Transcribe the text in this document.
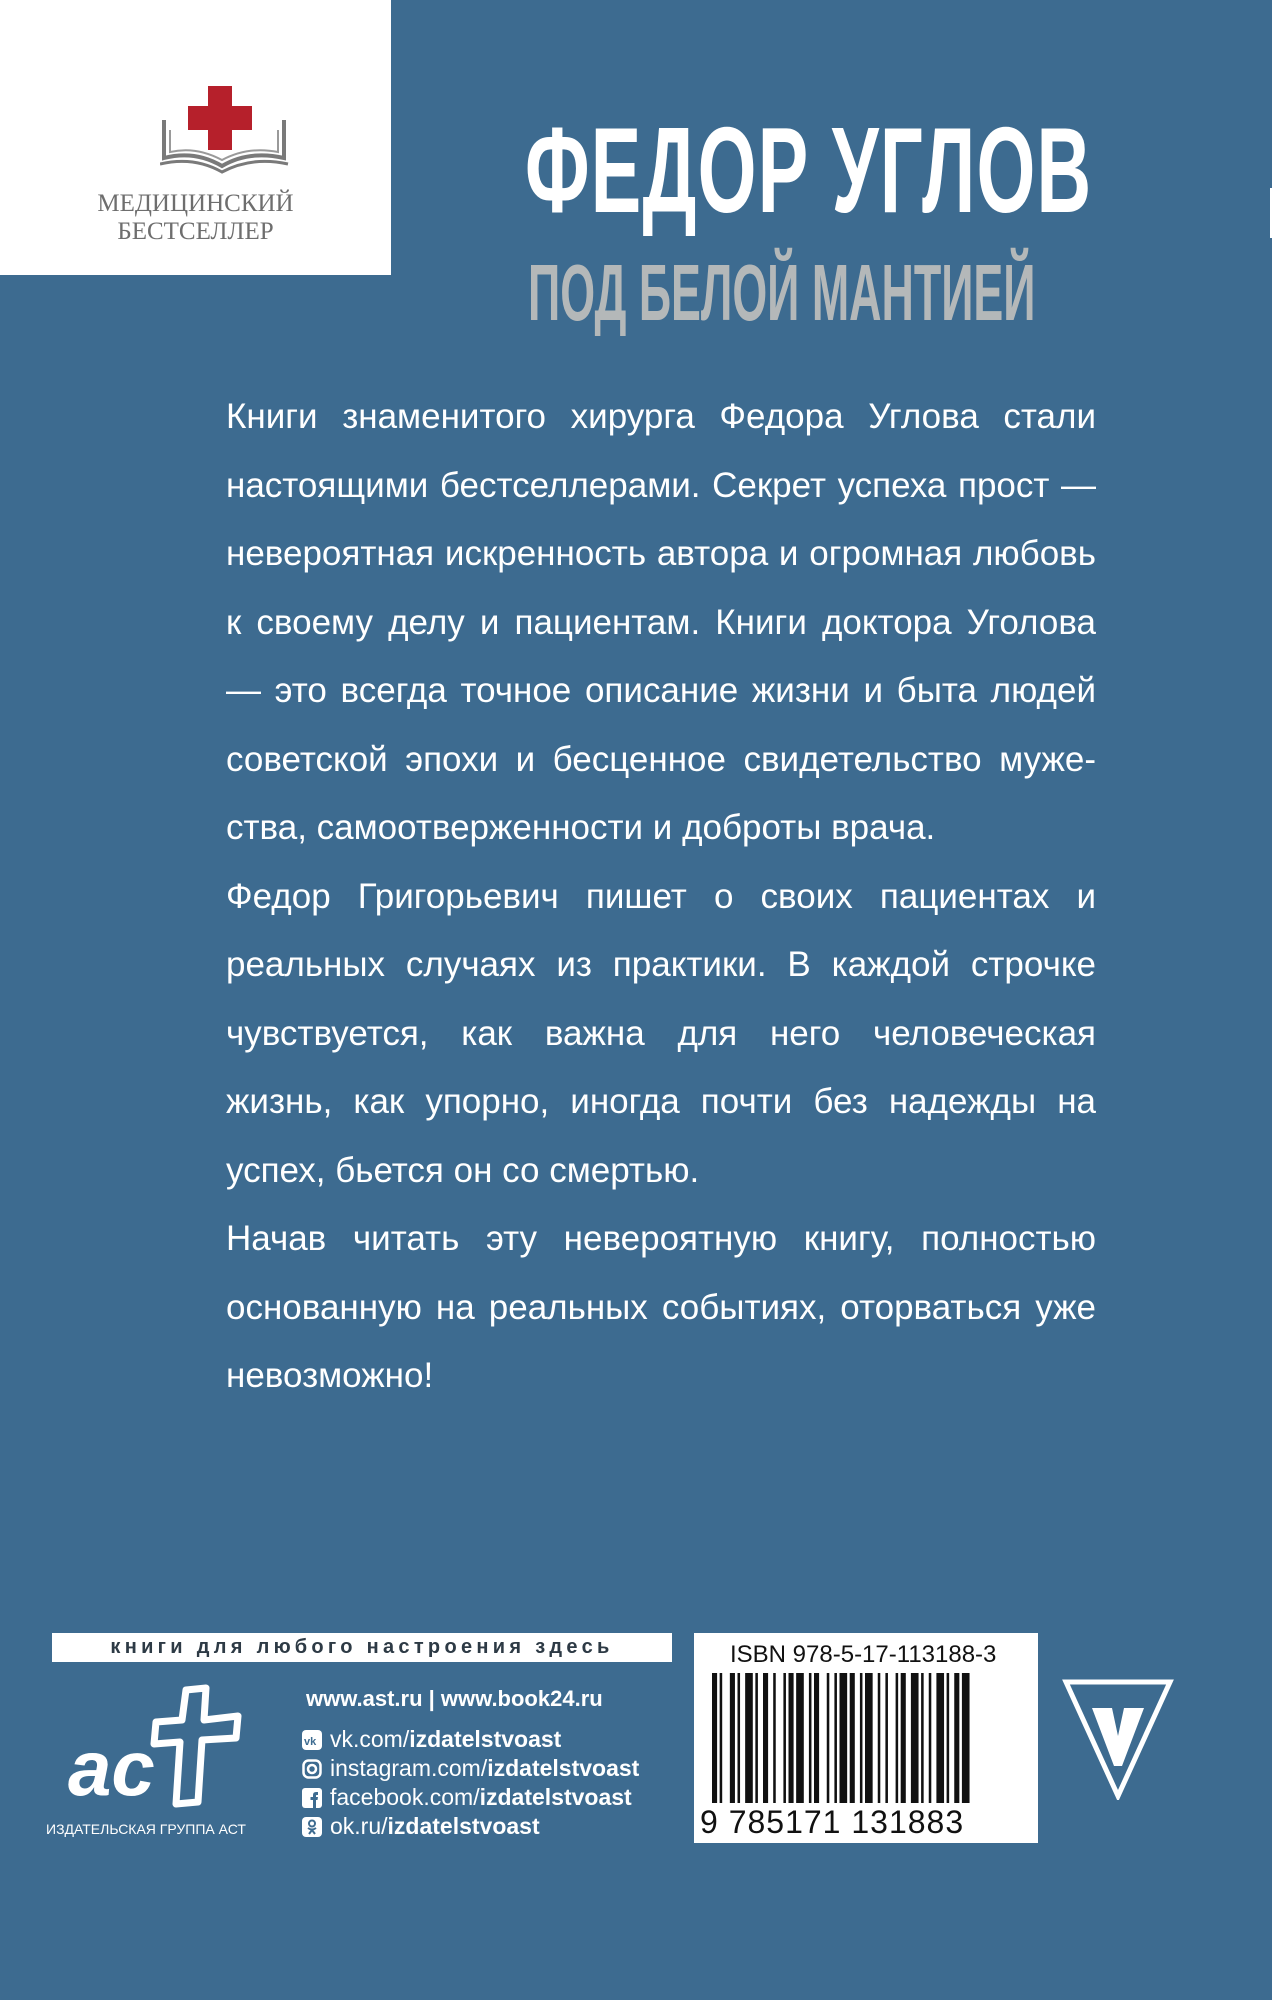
МЕДИЦИНСКИЙ
БЕСТСЕЛЛЕР	ФЕДОР УГЛОВ
ПОД БЕЛОЙ МАНТИЕЙ

Книги знаменитого хирурга Федора Углова стали настоящими бестселлерами. Секрет успеха прост — невероятная искренность автора и огромная любовь к своему делу и пациентам. Книги доктора Уголова — это всегда точное описание жизни и быта людей советской эпохи и бесценное свидетельство мужества, самоотверженности и доброты врача.

Федор Григорьевич пишет о своих пациентах и реальных случаях из практики. В каждой строчке чувствуется, как важна для него человеческая жизнь, как упорно, иногда почти без надежды на успех, бьется он со смертью.

Начав читать эту невероятную книгу, полностью основанную на реальных событиях, оторваться уже невозможно!

книги для любого настроения здесь
ас
ИЗДАТЕЛЬСКАЯ ГРУППА АСТ
www.ast.ru | www.book24.ru
vk vk.com/ izdatelstvoast
instagram.com/ izdatelstvoast
facebook.com/ izdatelstvoast
ok.ru/ izdatelstvoast
ISBN 978-5-17-113188-3
9 785171 131883
